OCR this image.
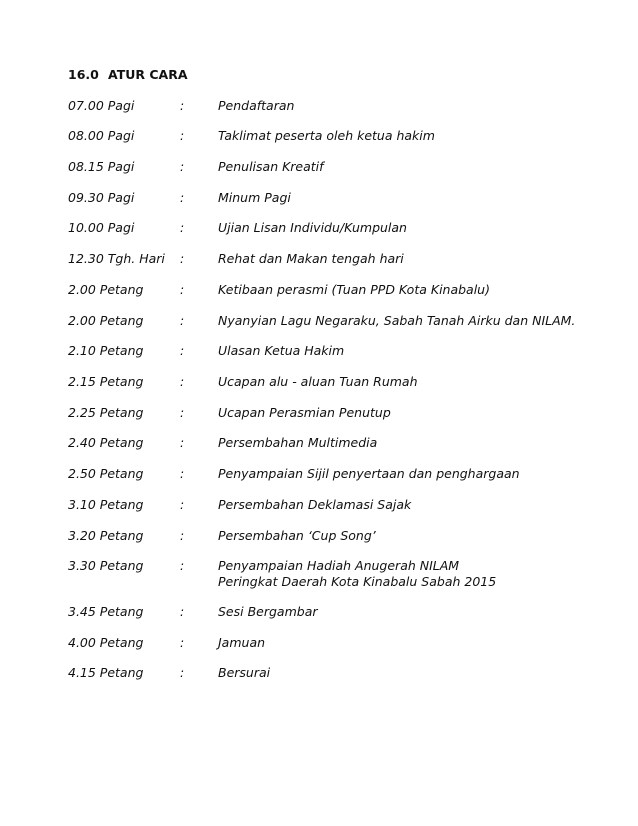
16.0 ATUR CARA
07.00 Pagi	:	Pendaftaran
08.00 Pagi	:	Taklimat peserta oleh ketua hakim
08.15 Pagi	:	Penulisan Kreatif
09.30 Pagi	:	Minum Pagi
10.00 Pagi	:	Ujian Lisan Individu/Kumpulan
12.30 Tgh. Hari :	Rehat dan Makan tengah hari
2.00 Petang	:	Ketibaan perasmi (Tuan PPD Kota Kinabalu)
2.00 Petang	:	Nyanyian Lagu Negaraku, Sabah Tanah Airku dan NILAM.
2.10 Petang	:	Ulasan Ketua Hakim
2.15 Petang	:	Ucapan alu - aluan Tuan Rumah
2.25 Petang	:	Ucapan Perasmian Penutup
2.40 Petang	:	Persembahan Multimedia
2.50 Petang	:	Penyampaian Sijil penyertaan dan penghargaan
3.10 Petang	:	Persembahan Deklamasi Sajak
3.20 Petang	:	Persembahan ‘Cup Song’
3.30 Petang	:	Penyampaian Hadiah Anugerah NILAM
Peringkat Daerah Kota Kinabalu Sabah 2015
3.45 Petang	:	Sesi Bergambar
4.00 Petang	:	Jamuan
4.15 Petang	:	Bersurai
